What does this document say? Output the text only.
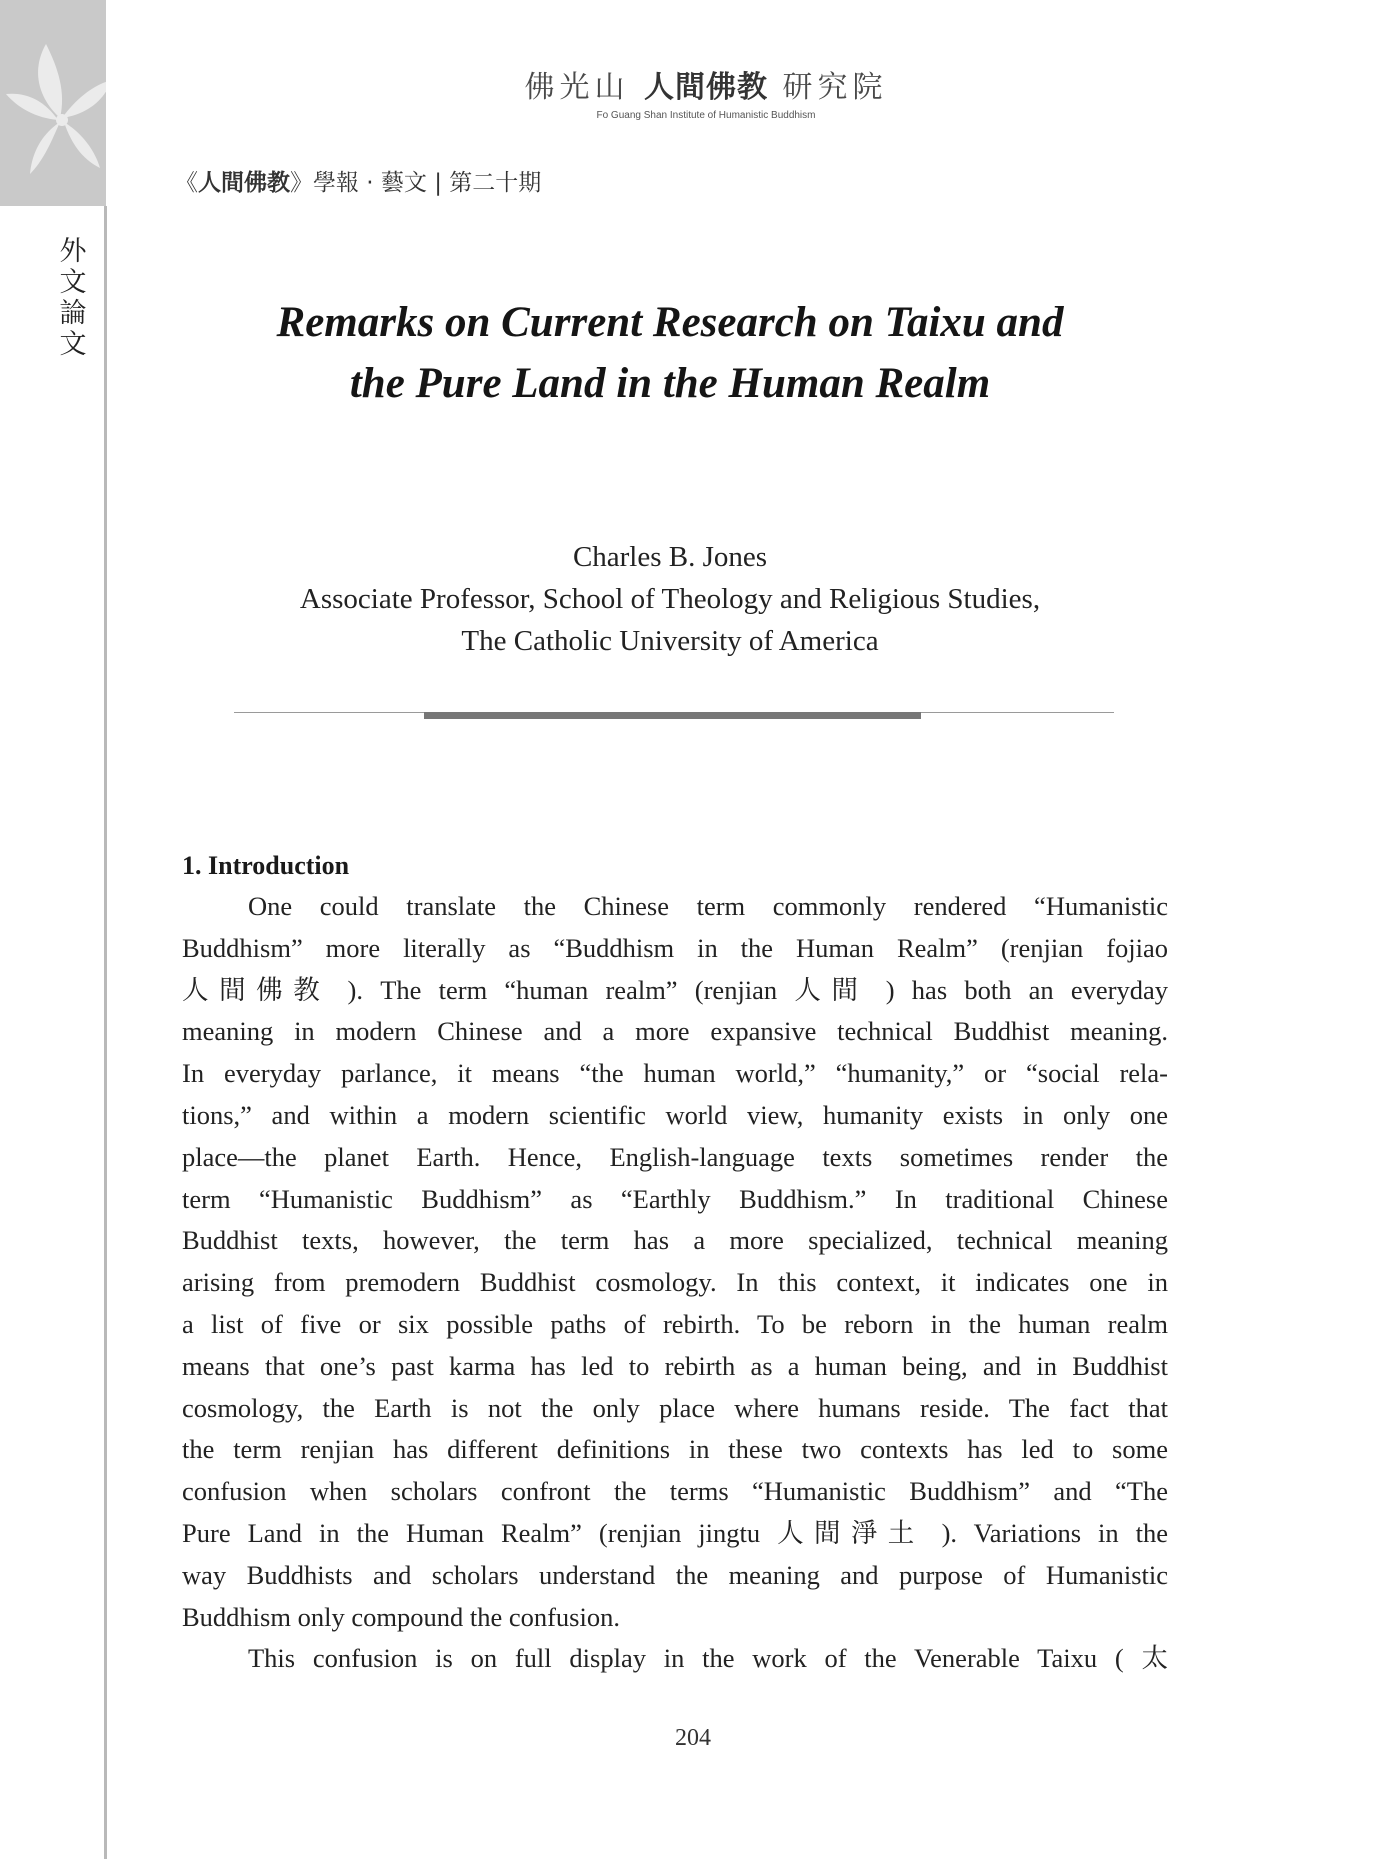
外
文
論
文
佛光山 人間佛教 研究院
Fo Guang Shan Institute of Humanistic Buddhism
《人間佛教》學報 · 藝文 | 第二十期
Remarks on Current Research on Taixu and
the Pure Land in the Human Realm
Charles B. Jones
Associate Professor, School of Theology and Religious Studies,
The Catholic University of America
1. Introduction
One could translate the Chinese term commonly rendered “Humanistic
Buddhism” more literally as “Buddhism in the Human Realm” (renjian fojiao
人間佛教 ). The term “human realm” (renjian 人間 ) has both an everyday
meaning in modern Chinese and a more expansive technical Buddhist meaning.
In everyday parlance, it means “the human world,” “humanity,” or “social rela-
tions,” and within a modern scientific world view, humanity exists in only one
place—the planet Earth. Hence, English-language texts sometimes render the
term “Humanistic Buddhism” as “Earthly Buddhism.” In traditional Chinese
Buddhist texts, however, the term has a more specialized, technical meaning
arising from premodern Buddhist cosmology. In this context, it indicates one in
a list of five or six possible paths of rebirth. To be reborn in the human realm
means that one’s past karma has led to rebirth as a human being, and in Buddhist
cosmology, the Earth is not the only place where humans reside. The fact that
the term renjian has different definitions in these two contexts has led to some
confusion when scholars confront the terms “Humanistic Buddhism” and “The
Pure Land in the Human Realm” (renjian jingtu 人間淨土 ). Variations in the
way Buddhists and scholars understand the meaning and purpose of Humanistic
Buddhism only compound the confusion.
This confusion is on full display in the work of the Venerable Taixu ( 太
204
